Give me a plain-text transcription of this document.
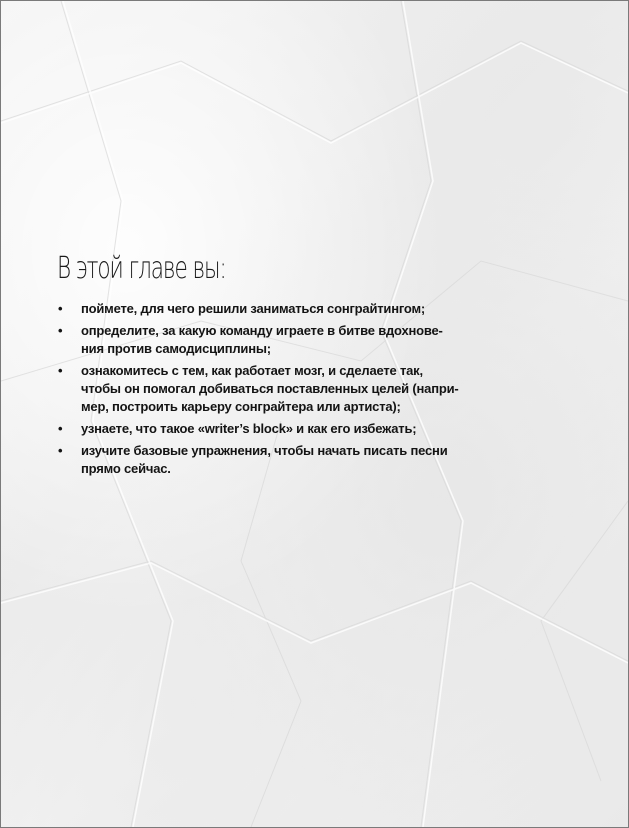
В этой главе вы:
• поймете, для чего решили заниматься сонграйтингом;
• определите, за какую команду играете в битве вдохнове-
ния против самодисциплины;
• ознакомитесь с тем, как работает мозг, и сделаете так,
чтобы он помогал добиваться поставленных целей (напри-
мер, построить карьеру сонграйтера или артиста);
• узнаете, что такое «writer’s block» и как его избежать;
• изучите базовые упражнения, чтобы начать писать песни
прямо сейчас.
